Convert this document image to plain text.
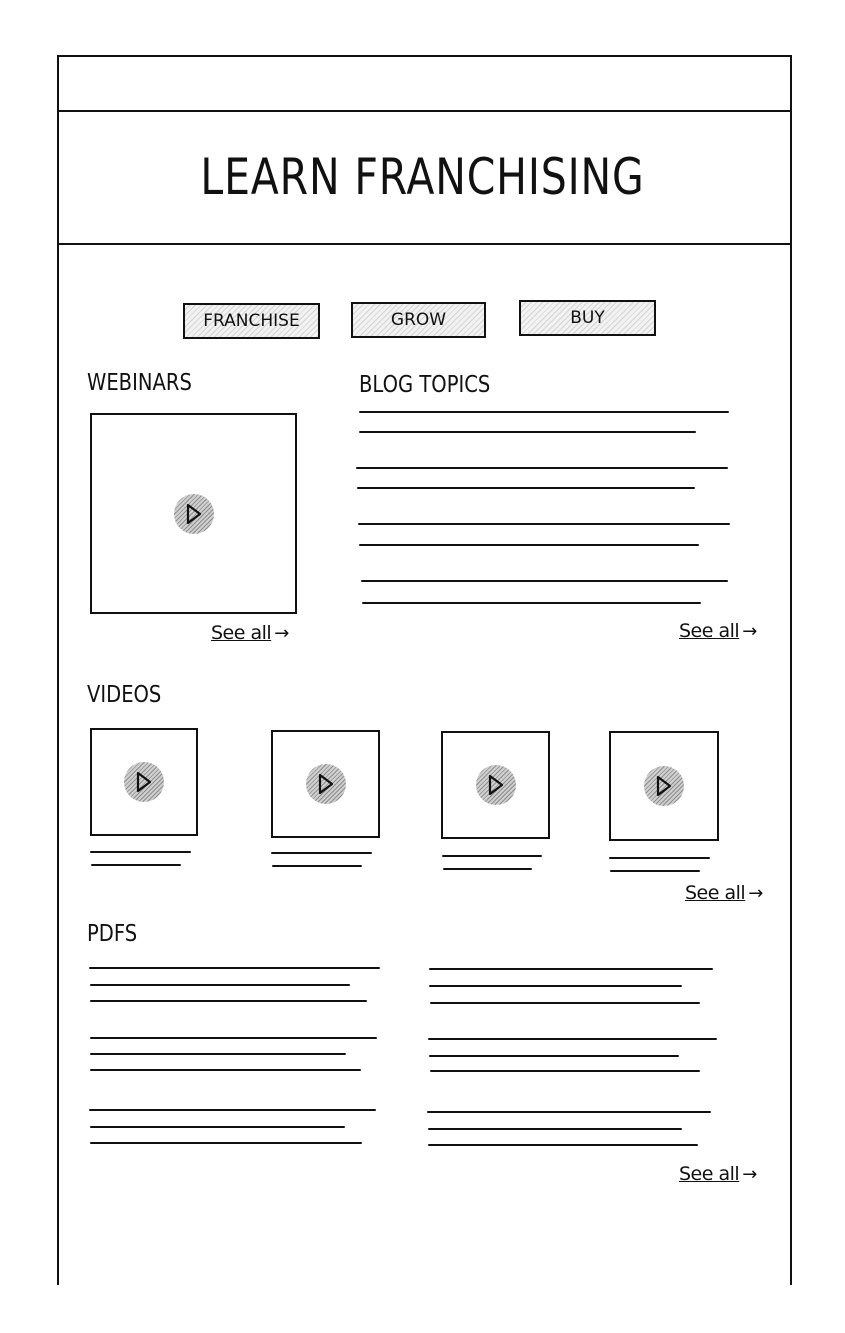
LEARN FRANCHISING
FRANCHISE	GROW	BUY
WEBINARS
See all →
BLOG TOPICS
See all →
VIDEOS
See all →
PDFS
See all →
